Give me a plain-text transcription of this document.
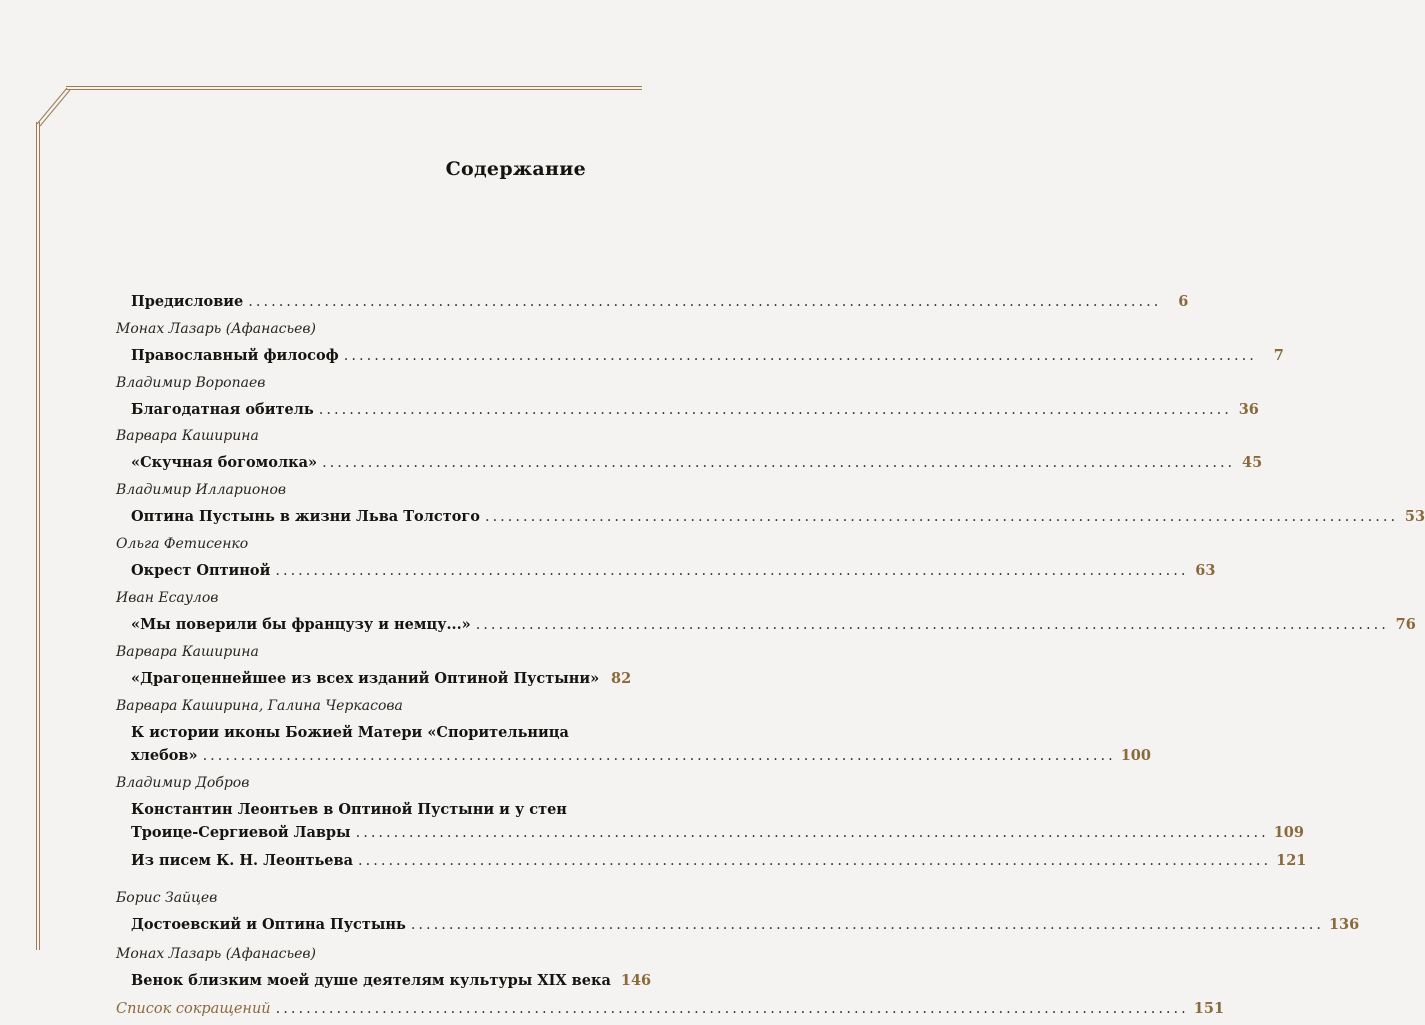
Содержание
Предисловие ........................................................................................................................	6
Монах Лазарь (Афанасьев)
Православный философ ........................................................................................................................	7
Владимир Воропаев
Благодатная обитель ........................................................................................................................ 36
Варвара Каширина
«Скучная богомолка» ........................................................................................................................ 45
Владимир Илларионов
Оптина Пустынь в жизни Льва Толстого ........................................................................................................................ 53
Ольга Фетисенко
Окрест Оптиной ........................................................................................................................ 63
Иван Есаулов
«Мы поверили бы французу и немцу...» ........................................................................................................................ 76
Варвара Каширина
«Драгоценнейшее из всех изданий Оптиной Пустыни» 82
Варвара Каширина, Галина Черкасова
К истории иконы Божией Матери «Спорительница
хлебов» ........................................................................................................................ 100
Владимир Добров
Константин Леонтьев в Оптиной Пустыни и у стен
Троице-Сергиевой Лавры ........................................................................................................................ 109
Из писем К. Н. Леонтьева ........................................................................................................................ 121
Борис Зайцев
Достоевский и Оптина Пустынь ........................................................................................................................ 136
Монах Лазарь (Афанасьев)
Венок близким моей душе деятелям культуры XIX века 146
Список сокращений ........................................................................................................................ 151
